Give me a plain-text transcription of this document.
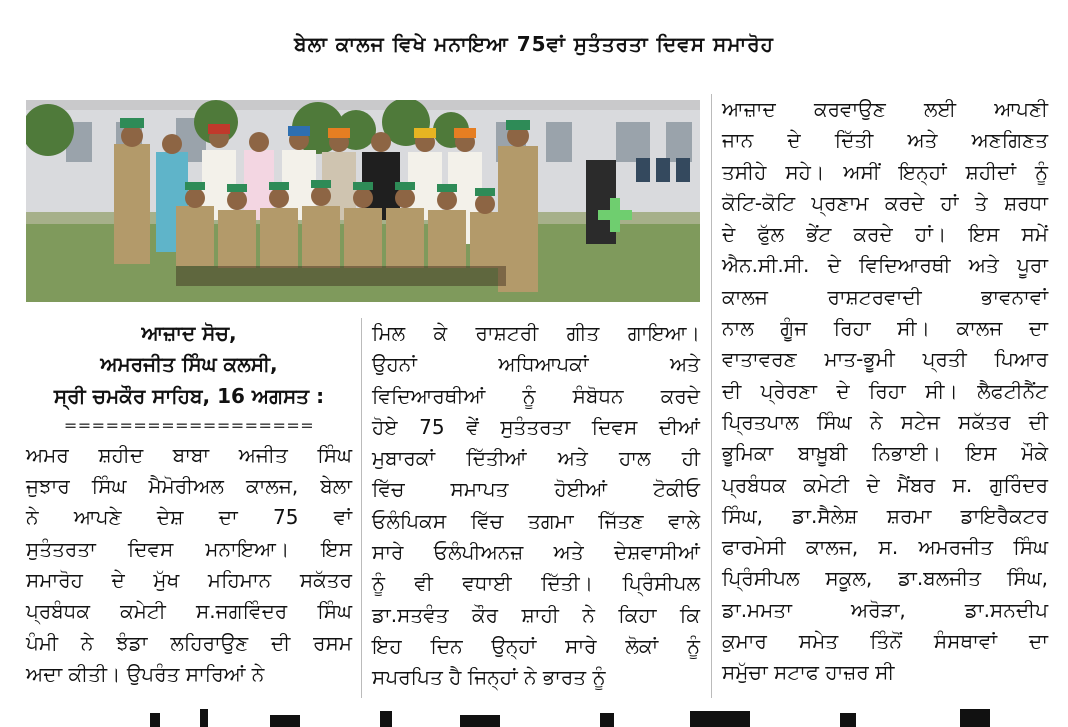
ਬੇਲਾ ਕਾਲਜ ਵਿਖੇ ਮਨਾਇਆ 75ਵਾਂ ਸੁਤੰਤਰਤਾ ਦਿਵਸ ਸਮਾਰੋਹ

ਆਜ਼ਾਦ ਸੋਚ,

ਅਮਰਜੀਤ ਸਿੰਘ ਕਲਸੀ,

ਸ੍ਰੀ ਚਮਕੌਰ ਸਾਹਿਬ, 16 ਅਗਸਤ :

==================

ਅਮਰ ਸ਼ਹੀਦ ਬਾਬਾ ਅਜੀਤ ਸਿੰਘ

ਜੁਝਾਰ ਸਿੰਘ ਮੈਮੋਰੀਅਲ ਕਾਲਜ, ਬੇਲਾ

ਨੇ ਆਪਣੇ ਦੇਸ਼ ਦਾ 75 ਵਾਂ

ਸੁਤੰਤਰਤਾ ਦਿਵਸ ਮਨਾਇਆ। ਇਸ

ਸਮਾਰੋਹ ਦੇ ਮੁੱਖ ਮਹਿਮਾਨ ਸਕੱਤਰ

ਪ੍ਰਬੰਧਕ ਕਮੇਟੀ ਸ.ਜਗਵਿੰਦਰ ਸਿੰਘ

ਪੰਮੀ ਨੇ ਝੰਡਾ ਲਹਿਰਾਉਣ ਦੀ ਰਸਮ

ਅਦਾ ਕੀਤੀ। ਉਪਰੰਤ ਸਾਰਿਆਂ ਨੇ

ਮਿਲ ਕੇ ਰਾਸ਼ਟਰੀ ਗੀਤ ਗਾਇਆ।

ਉਹਨਾਂ ਅਧਿਆਪਕਾਂ ਅਤੇ

ਵਿਦਿਆਰਥੀਆਂ ਨੂੰ ਸੰਬੋਧਨ ਕਰਦੇ

ਹੋਏ 75 ਵੇਂ ਸੁਤੰਤਰਤਾ ਦਿਵਸ ਦੀਆਂ

ਮੁਬਾਰਕਾਂ ਦਿੱਤੀਆਂ ਅਤੇ ਹਾਲ ਹੀ

ਵਿੱਚ ਸਮਾਪਤ ਹੋਈਆਂ ਟੋਕੀਓ

ਓਲੰਪਿਕਸ ਵਿੱਚ ਤਗਮਾ ਜਿੱਤਣ ਵਾਲੇ

ਸਾਰੇ ਓਲੰਪੀਅਨਜ਼ ਅਤੇ ਦੇਸ਼ਵਾਸੀਆਂ

ਨੂੰ ਵੀ ਵਧਾਈ ਦਿੱਤੀ। ਪ੍ਰਿੰਸੀਪਲ

ਡਾ.ਸਤਵੰਤ ਕੌਰ ਸ਼ਾਹੀ ਨੇ ਕਿਹਾ ਕਿ

ਇਹ ਦਿਨ ਉਨ੍ਹਾਂ ਸਾਰੇ ਲੋਕਾਂ ਨੂੰ

ਸਪਰਪਿਤ ਹੈ ਜਿਨ੍ਹਾਂ ਨੇ ਭਾਰਤ ਨੂੰ

ਆਜ਼ਾਦ ਕਰਵਾਉਣ ਲਈ ਆਪਣੀ

ਜਾਨ ਦੇ ਦਿੱਤੀ ਅਤੇ ਅਣਗਿਣਤ

ਤਸੀਹੇ ਸਹੇ। ਅਸੀਂ ਇਨ੍ਹਾਂ ਸ਼ਹੀਦਾਂ ਨੂੰ

ਕੋਟਿ-ਕੋਟਿ ਪ੍ਰਣਾਮ ਕਰਦੇ ਹਾਂ ਤੇ ਸ਼ਰਧਾ

ਦੇ ਫੁੱਲ ਭੇਂਟ ਕਰਦੇ ਹਾਂ। ਇਸ ਸਮੇਂ

ਐਨ.ਸੀ.ਸੀ. ਦੇ ਵਿਦਿਆਰਥੀ ਅਤੇ ਪੂਰਾ

ਕਾਲਜ ਰਾਸ਼ਟਰਵਾਦੀ ਭਾਵਨਾਵਾਂ

ਨਾਲ ਗੂੰਜ ਰਿਹਾ ਸੀ। ਕਾਲਜ ਦਾ

ਵਾਤਾਵਰਣ ਮਾਤ-ਭੂਮੀ ਪ੍ਰਤੀ ਪਿਆਰ

ਦੀ ਪ੍ਰੇਰਣਾ ਦੇ ਰਿਹਾ ਸੀ। ਲੈਫਟੀਨੈਂਟ

ਪ੍ਰਿਤਪਾਲ ਸਿੰਘ ਨੇ ਸਟੇਜ ਸਕੱਤਰ ਦੀ

ਭੂਮਿਕਾ ਬਾਖ਼ੂਬੀ ਨਿਭਾਈ। ਇਸ ਮੌਕੇ

ਪ੍ਰਬੰਧਕ ਕਮੇਟੀ ਦੇ ਮੈਂਬਰ ਸ. ਗੁਰਿੰਦਰ

ਸਿੰਘ, ਡਾ.ਸੈਲੇਸ਼ ਸ਼ਰਮਾ ਡਾਇਰੈਕਟਰ

ਫਾਰਮੇਸੀ ਕਾਲਜ, ਸ. ਅਮਰਜੀਤ ਸਿੰਘ

ਪ੍ਰਿੰਸੀਪਲ ਸਕੂਲ, ਡਾ.ਬਲਜੀਤ ਸਿੰਘ,

ਡਾ.ਮਮਤਾ ਅਰੋੜਾ, ਡਾ.ਸਨਦੀਪ

ਕੁਮਾਰ ਸਮੇਤ ਤਿੰਨੋਂ ਸੰਸਥਾਵਾਂ ਦਾ

ਸਮੁੱਚਾ ਸਟਾਫ ਹਾਜ਼ਰ ਸੀ
